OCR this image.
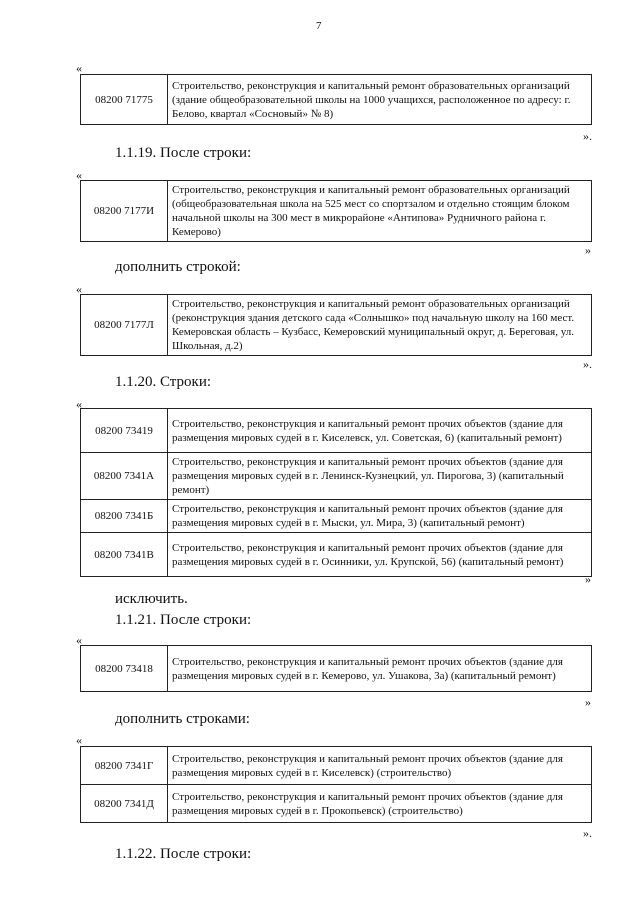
7
«
08200 71775	Строительство, реконструкция и капитальный ремонт образовательных организаций (здание общеобразовательной школы на 1000 учащихся, расположенное по адресу: г. Белово, квартал «Сосновый» № 8)
».
1.1.19. После строки:
«
08200 7177И	Строительство, реконструкция и капитальный ремонт образовательных организаций (общеобразовательная школа на 525 мест со спортзалом и отдельно стоящим блоком начальной школы на 300 мест в микрорайоне «Антипова» Рудничного района г. Кемерово)
»
дополнить строкой:
«
08200 7177Л	Строительство, реконструкция и капитальный ремонт образовательных организаций (реконструкция здания детского сада «Солнышко» под начальную школу на 160 мест. Кемеровская область – Кузбасс, Кемеровский муниципальный округ, д. Береговая, ул. Школьная, д.2)
».
1.1.20. Строки:
«
08200 73419	Строительство, реконструкция и капитальный ремонт прочих объектов (здание для размещения мировых судей в г. Киселевск, ул. Советская, 6) (капитальный ремонт)
08200 7341А	Строительство, реконструкция и капитальный ремонт прочих объектов (здание для размещения мировых судей в г. Ленинск-Кузнецкий, ул. Пирогова, 3) (капитальный ремонт)
08200 7341Б	Строительство, реконструкция и капитальный ремонт прочих объектов (здание для размещения мировых судей в г. Мыски, ул. Мира, 3) (капитальный ремонт)
08200 7341В	Строительство, реконструкция и капитальный ремонт прочих объектов (здание для размещения мировых судей в г. Осинники, ул. Крупской, 56) (капитальный ремонт)
»
исключить.
1.1.21. После строки:
«
08200 73418	Строительство, реконструкция и капитальный ремонт прочих объектов (здание для размещения мировых судей в г. Кемерово, ул. Ушакова, 3а) (капитальный ремонт)
»
дополнить строками:
«
08200 7341Г	Строительство, реконструкция и капитальный ремонт прочих объектов (здание для размещения мировых судей в г. Киселевск) (строительство)
08200 7341Д	Строительство, реконструкция и капитальный ремонт прочих объектов (здание для размещения мировых судей в г. Прокопьевск) (строительство)
».
1.1.22. После строки:
